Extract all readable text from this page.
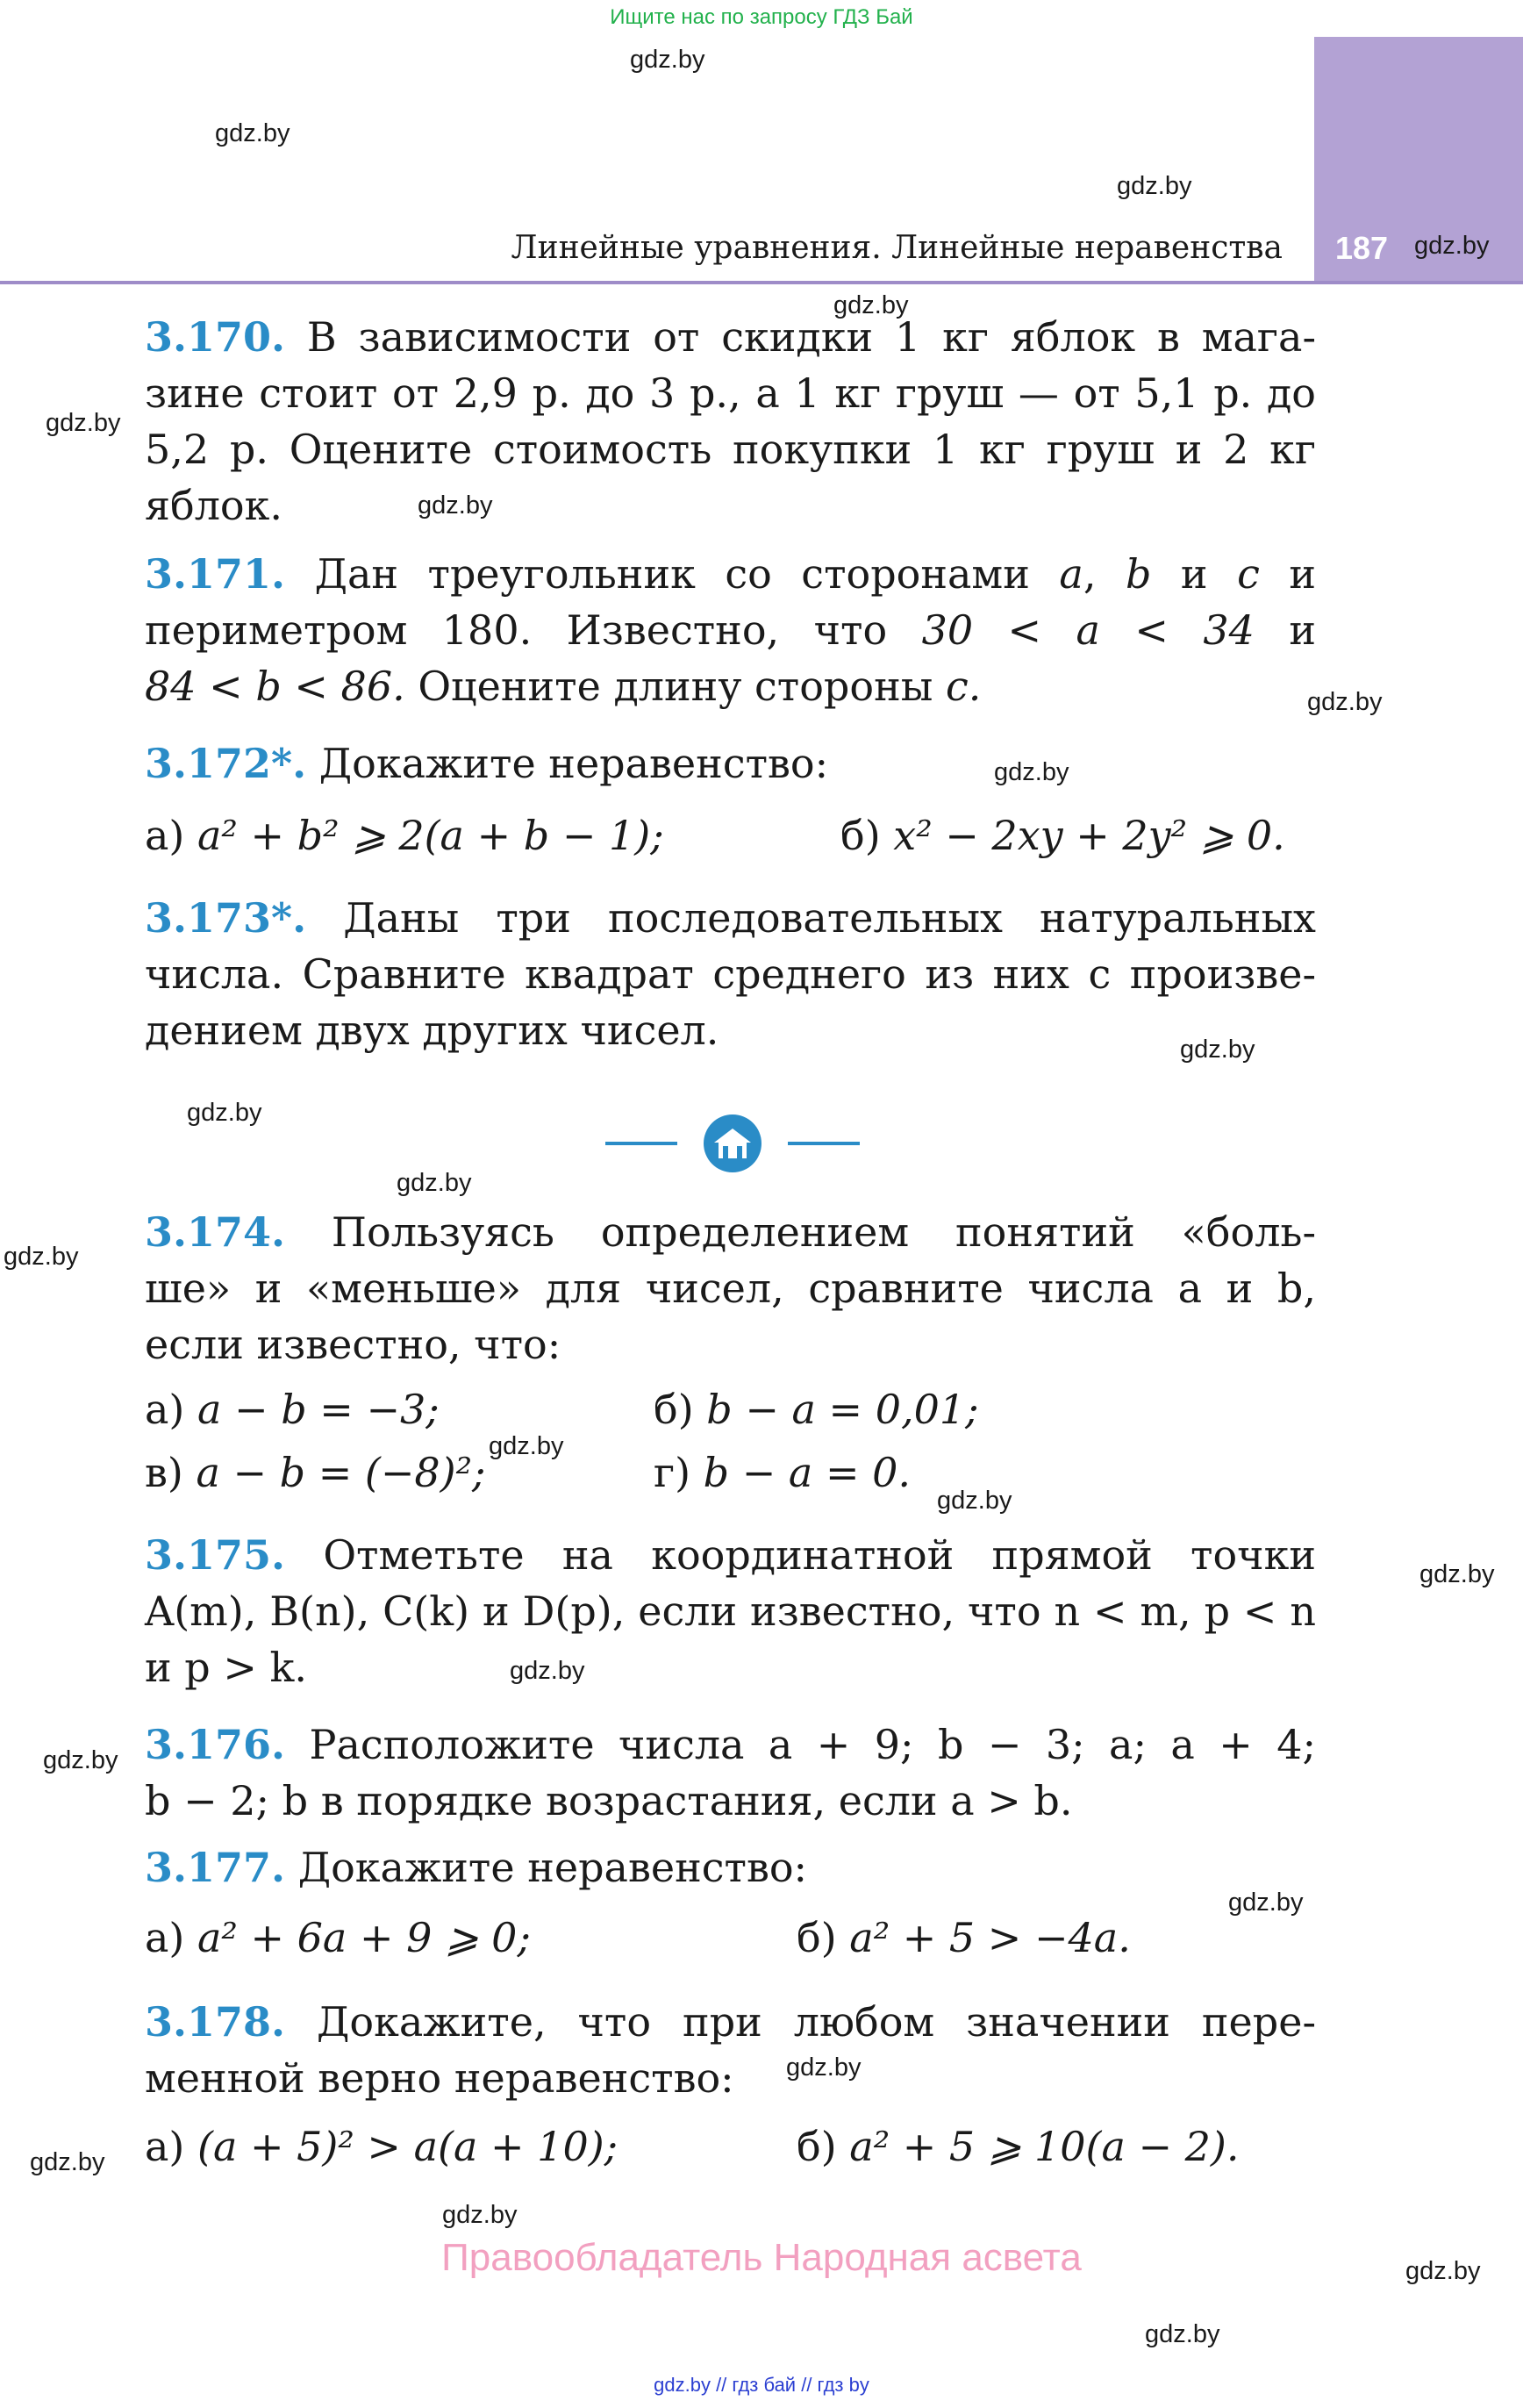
Ищите нас по запросу ГДЗ Бай
Линейные уравнения. Линейные неравенства 187
3.170. В зависимости от скидки 1 кг яблок в мага-
зине стоит от 2,9 р. до 3 р., а 1 кг груш — от 5,1 р. до
5,2 р. Оцените стоимость покупки 1 кг груш и 2 кг
яблок.
3.171. Дан треугольник со сторонами a, b и c и
периметром 180. Известно, что 30 < a < 34 и
84 < b < 86. Оцените длину стороны c.
3.172*. Докажите неравенство:
а) a² + b² ⩾ 2(a + b − 1);	б) x² − 2xy + 2y² ⩾ 0.
3.173*. Даны три последовательных натуральных
числа. Сравните квадрат среднего из них с произве-
дением двух других чисел.
3.174. Пользуясь определением понятий «боль-
ше» и «меньше» для чисел, сравните числа a и b,
если известно, что:
а) a − b = −3;	б) b − a = 0,01;
в) a − b = (−8)²;	г) b − a = 0.
3.175. Отметьте на координатной прямой точки
A(m), B(n), C(k) и D(p), если известно, что n < m, p < n
и p > k.
3.176. Расположите числа a + 9; b − 3; a; a + 4;
b − 2; b в порядке возрастания, если a > b.
3.177. Докажите неравенство:
а) a² + 6a + 9 ⩾ 0;	б) a² + 5 > −4a.
3.178. Докажите, что при любом значении пере-
менной верно неравенство:
а) (a + 5)² > a(a + 10);	б) a² + 5 ⩾ 10(a − 2).
gdz.by
gdz.by
gdz.by
gdz.by
gdz.by
gdz.by
gdz.by
gdz.by
gdz.by
gdz.by
gdz.by
gdz.by
gdz.by
gdz.by
gdz.by
gdz.by
gdz.by
gdz.by
gdz.by
gdz.by
gdz.by
gdz.by
gdz.by
gdz.by
Правообладатель Народная асвета
gdz.by // гдз бай // гдз by
